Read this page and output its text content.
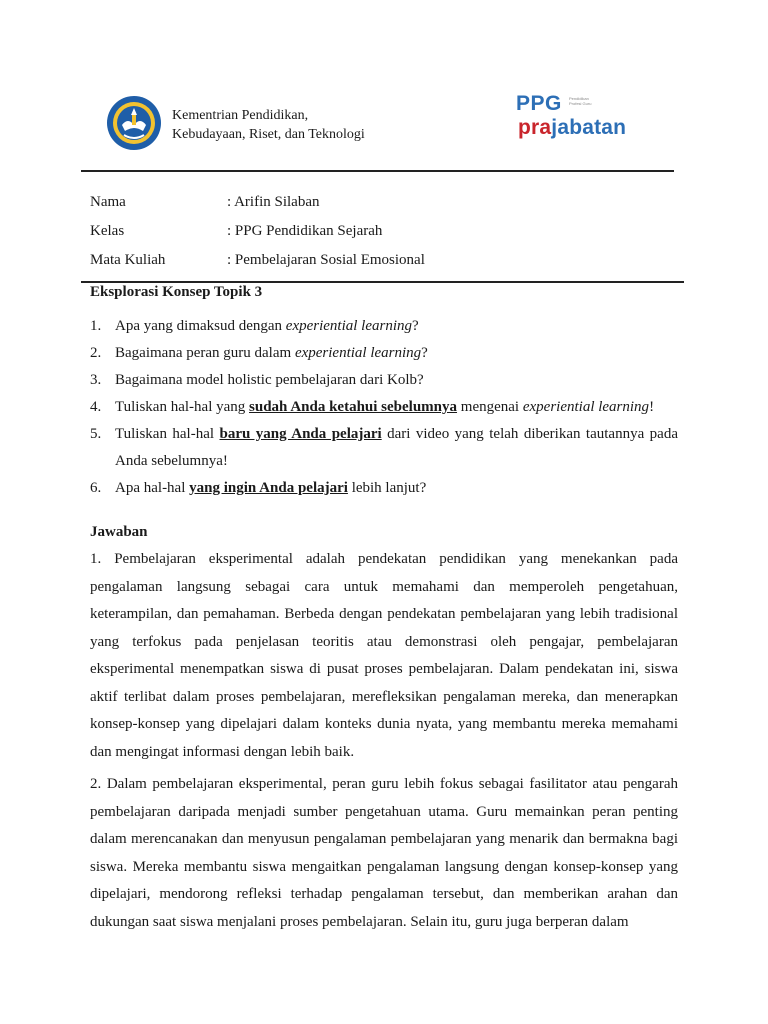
Kementrian Pendidikan,
Kebudayaan, Riset, dan Teknologi
PPG Pendidikan Profesi Guru
prajabatan
Nama	: Arifin Silaban
Kelas	: PPG Pendidikan Sejarah
Mata Kuliah	: Pembelajaran Sosial Emosional
Eksplorasi Konsep Topik 3
1. Apa yang dimaksud dengan experiential learning?
2. Bagaimana peran guru dalam experiential learning?
3. Bagaimana model holistic pembelajaran dari Kolb?
4. Tuliskan hal-hal yang sudah Anda ketahui sebelumnya mengenai experiential learning!
5. Tuliskan hal-hal baru yang Anda pelajari dari video yang telah diberikan tautannya pada Anda sebelumnya!
6. Apa hal-hal yang ingin Anda pelajari lebih lanjut?
Jawaban
1. Pembelajaran eksperimental adalah pendekatan pendidikan yang menekankan pada pengalaman langsung sebagai cara untuk memahami dan memperoleh pengetahuan, keterampilan, dan pemahaman. Berbeda dengan pendekatan pembelajaran yang lebih tradisional yang terfokus pada penjelasan teoritis atau demonstrasi oleh pengajar, pembelajaran eksperimental menempatkan siswa di pusat proses pembelajaran. Dalam pendekatan ini, siswa aktif terlibat dalam proses pembelajaran, merefleksikan pengalaman mereka, dan menerapkan konsep-konsep yang dipelajari dalam konteks dunia nyata, yang membantu mereka memahami dan mengingat informasi dengan lebih baik.
2. Dalam pembelajaran eksperimental, peran guru lebih fokus sebagai fasilitator atau pengarah pembelajaran daripada menjadi sumber pengetahuan utama. Guru memainkan peran penting dalam merencanakan dan menyusun pengalaman pembelajaran yang menarik dan bermakna bagi siswa. Mereka membantu siswa mengaitkan pengalaman langsung dengan konsep-konsep yang dipelajari, mendorong refleksi terhadap pengalaman tersebut, dan memberikan arahan dan dukungan saat siswa menjalani proses pembelajaran. Selain itu, guru juga berperan dalam
